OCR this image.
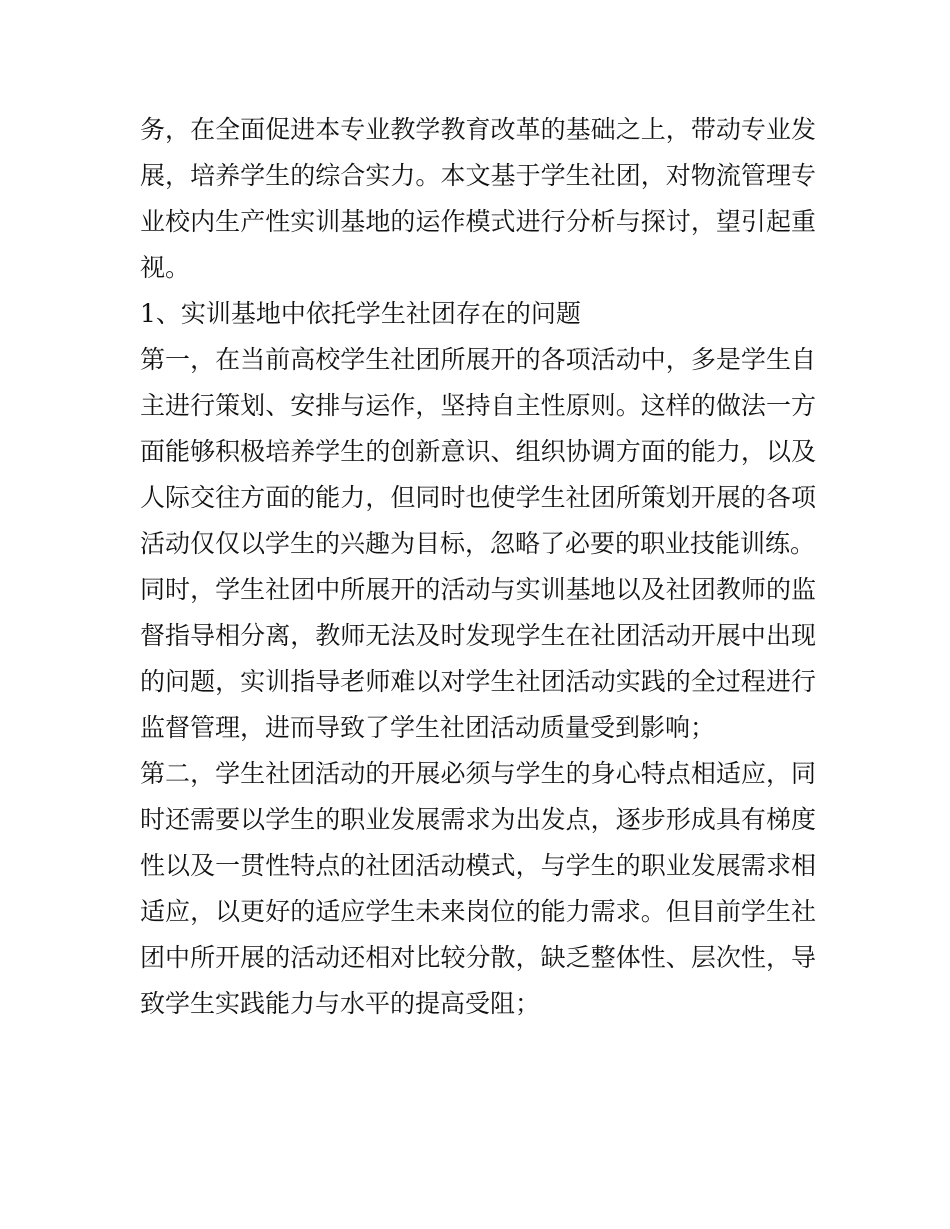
务，在全面促进本专业教学教育改革的基础之上，带动专业发展，培养学生的综合实力。本文基于学生社团，对物流管理专业校内生产性实训基地的运作模式进行分析与探讨，望引起重视。

1、实训基地中依托学生社团存在的问题

第一，在当前高校学生社团所展开的各项活动中，多是学生自主进行策划、安排与运作，坚持自主性原则。这样的做法一方面能够积极培养学生的创新意识、组织协调方面的能力，以及人际交往方面的能力，但同时也使学生社团所策划开展的各项活动仅仅以学生的兴趣为目标，忽略了必要的职业技能训练。

同时，学生社团中所展开的活动与实训基地以及社团教师的监督指导相分离，教师无法及时发现学生在社团活动开展中出现的问题，实训指导老师难以对学生社团活动实践的全过程进行监督管理，进而导致了学生社团活动质量受到影响；

第二，学生社团活动的开展必须与学生的身心特点相适应，同时还需要以学生的职业发展需求为出发点，逐步形成具有梯度性以及一贯性特点的社团活动模式，与学生的职业发展需求相适应，以更好的适应学生未来岗位的能力需求。但目前学生社团中所开展的活动还相对比较分散，缺乏整体性、层次性，导致学生实践能力与水平的提高受阻；
